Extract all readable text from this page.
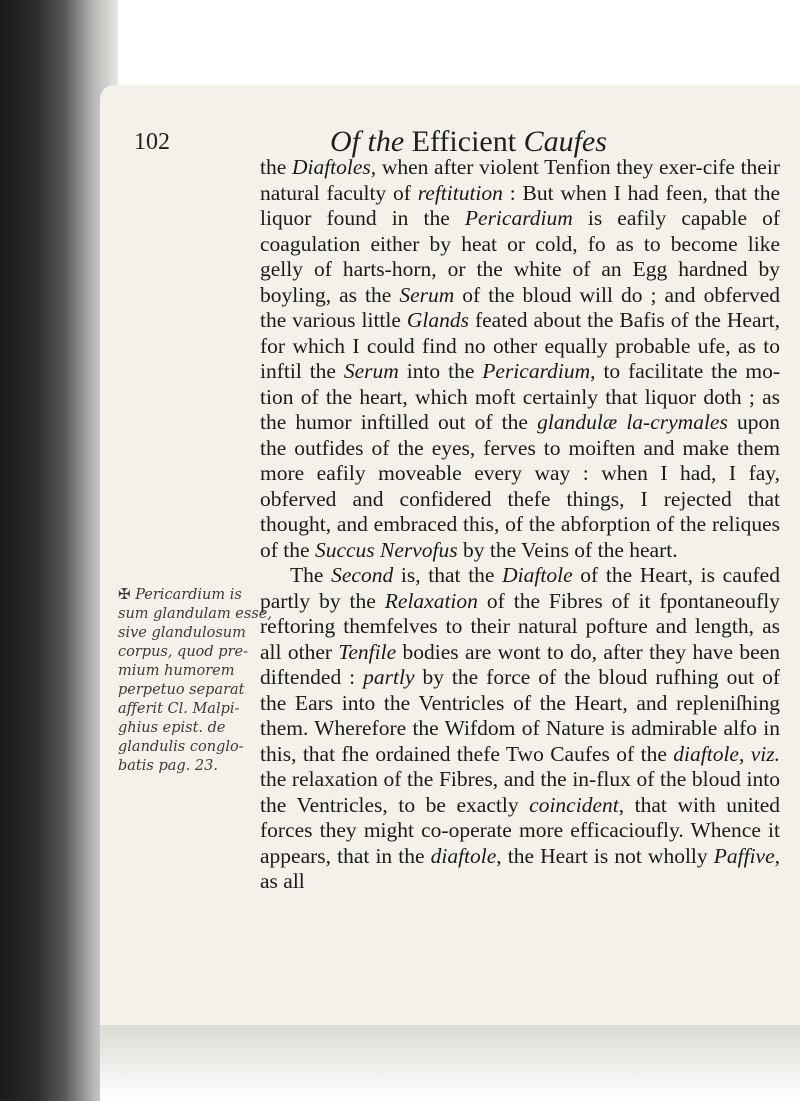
102	Of the Efficient Caufes

the Diaftoles, when after violent Tenfion they exer-cife their natural faculty of reftitution : But when I had feen, that the liquor found in the Pericardium is eafily capable of coagulation either by heat or cold, fo as to become like gelly of harts-horn, or the white of an Egg hardned by boyling, as the Serum of the bloud will do ; and obferved the various little Glands feated about the Bafis of the Heart, for which I could find no other equally probable ufe, as to inftil the Serum into the Pericardium, to facilitate the mo-tion of the heart, which moft certainly that liquor doth ; as the humor inftilled out of the glandulæ la-crymales upon the outfides of the eyes, ferves to moiften and make them more eafily moveable every way : when I had, I fay, obferved and confidered thefe things, I rejected that thought, and embraced this, of the abforption of the reliques of the Succus Nervofus by the Veins of the heart.

The Second is, that the Diaftole of the Heart, is caufed partly by the Relaxation of the Fibres of it fpontaneoufly reftoring themfelves to their natural pofture and length, as all other Tenfile bodies are wont to do, after they have been diftended : partly by the force of the bloud rufhing out of the Ears into the Ventricles of the Heart, and repleniſhing them. Wherefore the Wifdom of Nature is admirable alfo in this, that fhe ordained thefe Two Caufes of the diaftole, viz. the relaxation of the Fibres, and the in-flux of the bloud into the Ventricles, to be exactly coincident, that with united forces they might co-operate more efficacioufly. Whence it appears, that in the diaftole, the Heart is not wholly Paffive, as all

✠ Pericardium is
sum glandulam esse,
sive glandulosum
corpus, quod pre-
mium humorem
perpetuo separat
afferit Cl. Malpi-
ghius epist. de
glandulis conglo-
batis pag. 23.
